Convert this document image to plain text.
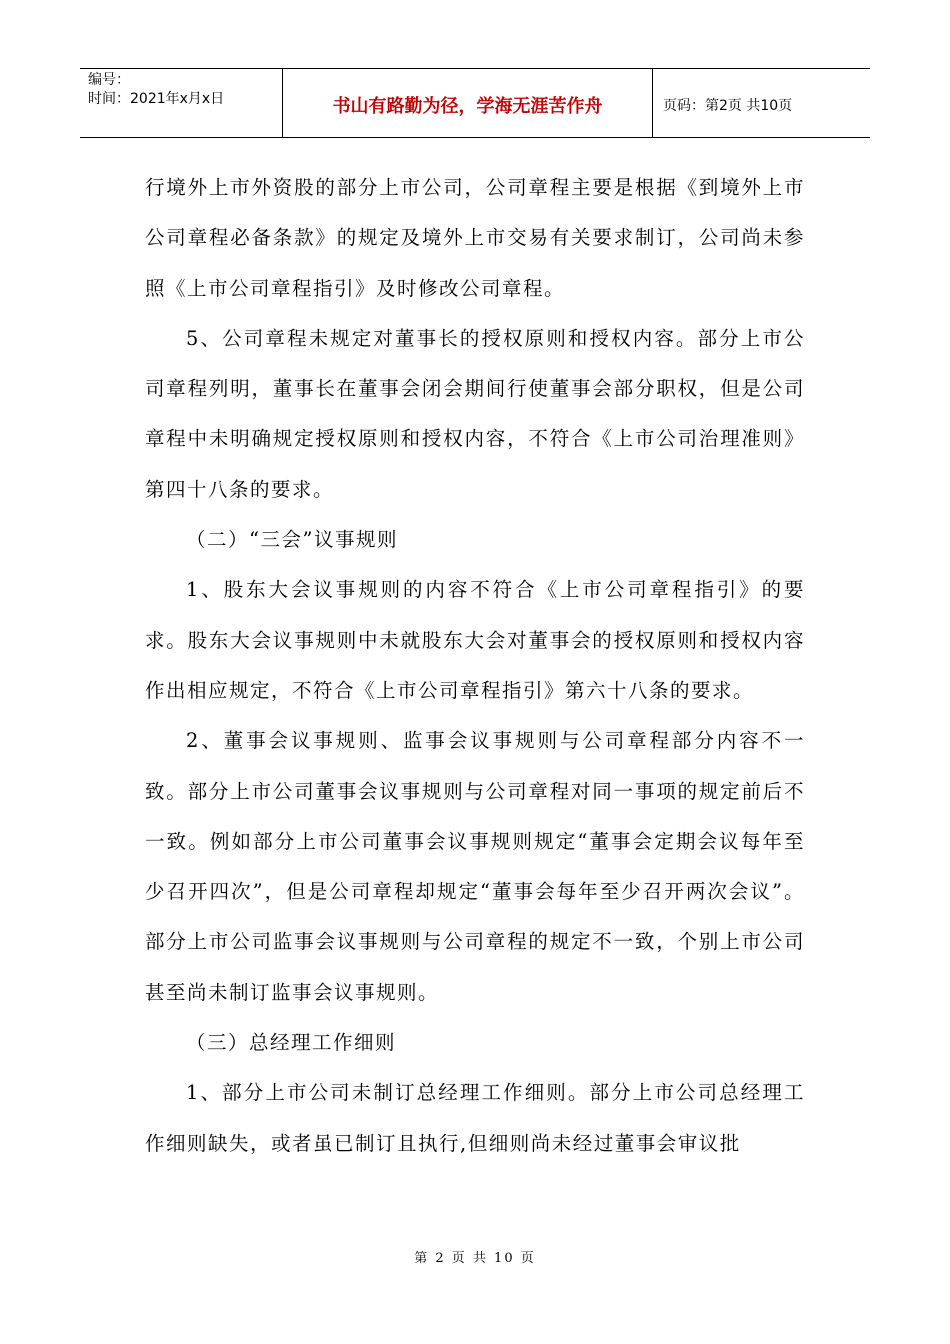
编号：
时间：2021年x月x日	书山有路勤为径，学海无涯苦作舟	页码：第2页 共10页

行境外上市外资股的部分上市公司，公司章程主要是根据《到境外上市公司章程必备条款》的规定及境外上市交易有关要求制订，公司尚未参照《上市公司章程指引》及时修改公司章程。

5、公司章程未规定对董事长的授权原则和授权内容。部分上市公司章程列明，董事长在董事会闭会期间行使董事会部分职权，但是公司章程中未明确规定授权原则和授权内容，不符合《上市公司治理准则》第四十八条的要求。

（二）“三会”议事规则

1、股东大会议事规则的内容不符合《上市公司章程指引》的要求。股东大会议事规则中未就股东大会对董事会的授权原则和授权内容作出相应规定，不符合《上市公司章程指引》第六十八条的要求。

2、董事会议事规则、监事会议事规则与公司章程部分内容不一致。部分上市公司董事会议事规则与公司章程对同一事项的规定前后不一致。例如部分上市公司董事会议事规则规定“董事会定期会议每年至少召开四次”，但是公司章程却规定“董事会每年至少召开两次会议”。部分上市公司监事会议事规则与公司章程的规定不一致，个别上市公司甚至尚未制订监事会议事规则。

（三）总经理工作细则

1、部分上市公司未制订总经理工作细则。部分上市公司总经理工作细则缺失，或者虽已制订且执行,但细则尚未经过董事会审议批

第 2 页 共 10 页
